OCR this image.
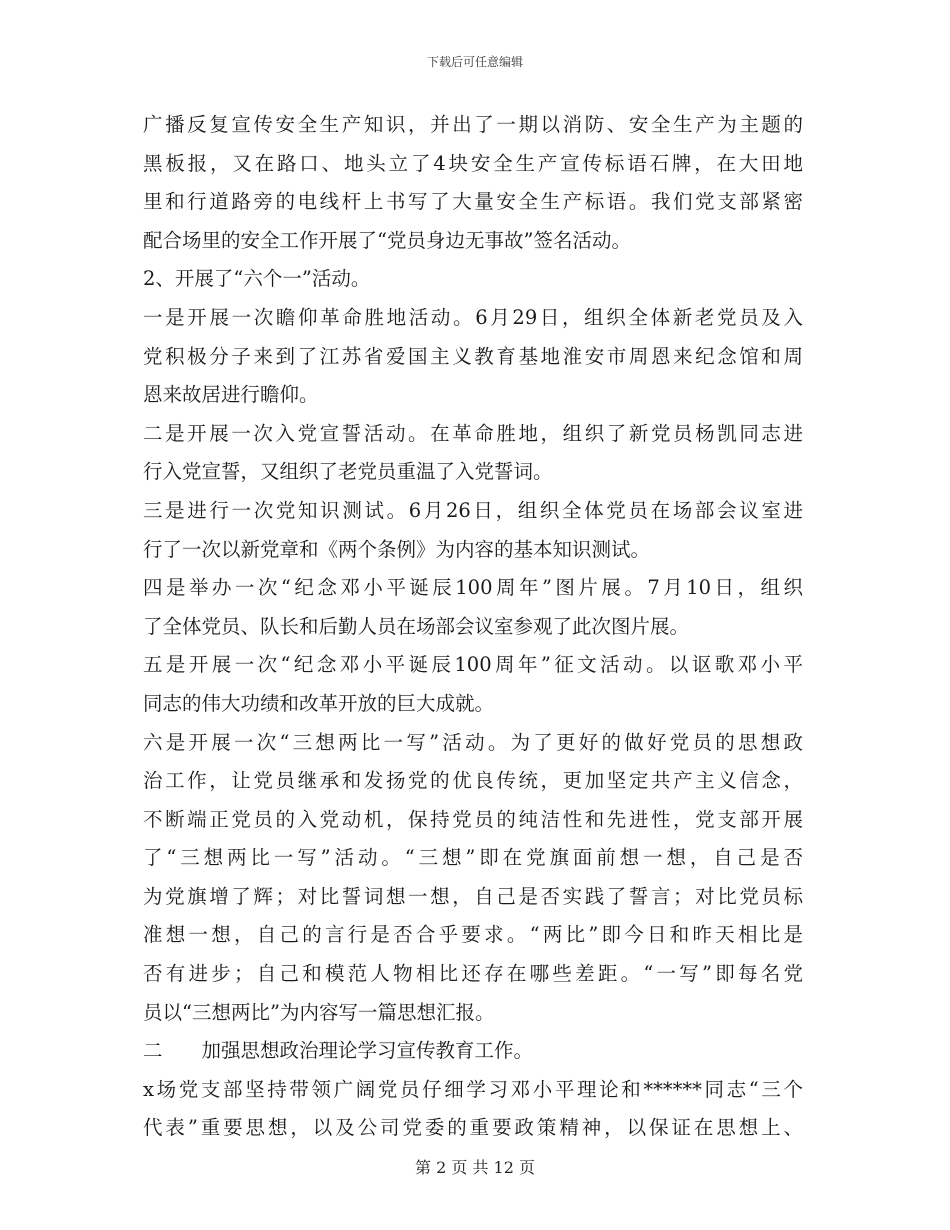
下载后可任意编辑
广播反复宣传安全生产知识，并出了一期以消防、安全生产为主题的
黑板报，又在路口、地头立了4块安全生产宣传标语石牌，在大田地
里和行道路旁的电线杆上书写了大量安全生产标语。我们党支部紧密
配合场里的安全工作开展了“党员身边无事故”签名活动。
2、开展了“六个一”活动。
一是开展一次瞻仰革命胜地活动。6月29日，组织全体新老党员及入
党积极分子来到了江苏省爱国主义教育基地淮安市周恩来纪念馆和周
恩来故居进行瞻仰。
二是开展一次入党宣誓活动。在革命胜地，组织了新党员杨凯同志进
行入党宣誓，又组织了老党员重温了入党誓词。
三是进行一次党知识测试。6月26日，组织全体党员在场部会议室进
行了一次以新党章和《两个条例》为内容的基本知识测试。
四是举办一次“纪念邓小平诞辰100周年”图片展。7月10日，组织
了全体党员、队长和后勤人员在场部会议室参观了此次图片展。
五是开展一次“纪念邓小平诞辰100周年”征文活动。以讴歌邓小平
同志的伟大功绩和改革开放的巨大成就。
六是开展一次“三想两比一写”活动。为了更好的做好党员的思想政
治工作，让党员继承和发扬党的优良传统，更加坚定共产主义信念，
不断端正党员的入党动机，保持党员的纯洁性和先进性，党支部开展
了“三想两比一写”活动。“三想”即在党旗面前想一想，自己是否
为党旗增了辉；对比誓词想一想，自己是否实践了誓言；对比党员标
准想一想，自己的言行是否合乎要求。“两比”即今日和昨天相比是
否有进步；自己和模范人物相比还存在哪些差距。“一写”即每名党
员以“三想两比”为内容写一篇思想汇报。
二　　加强思想政治理论学习宣传教育工作。
x场党支部坚持带领广阔党员仔细学习邓小平理论和******同志“三个
代表”重要思想，以及公司党委的重要政策精神，以保证在思想上、
第 2 页 共 12 页
